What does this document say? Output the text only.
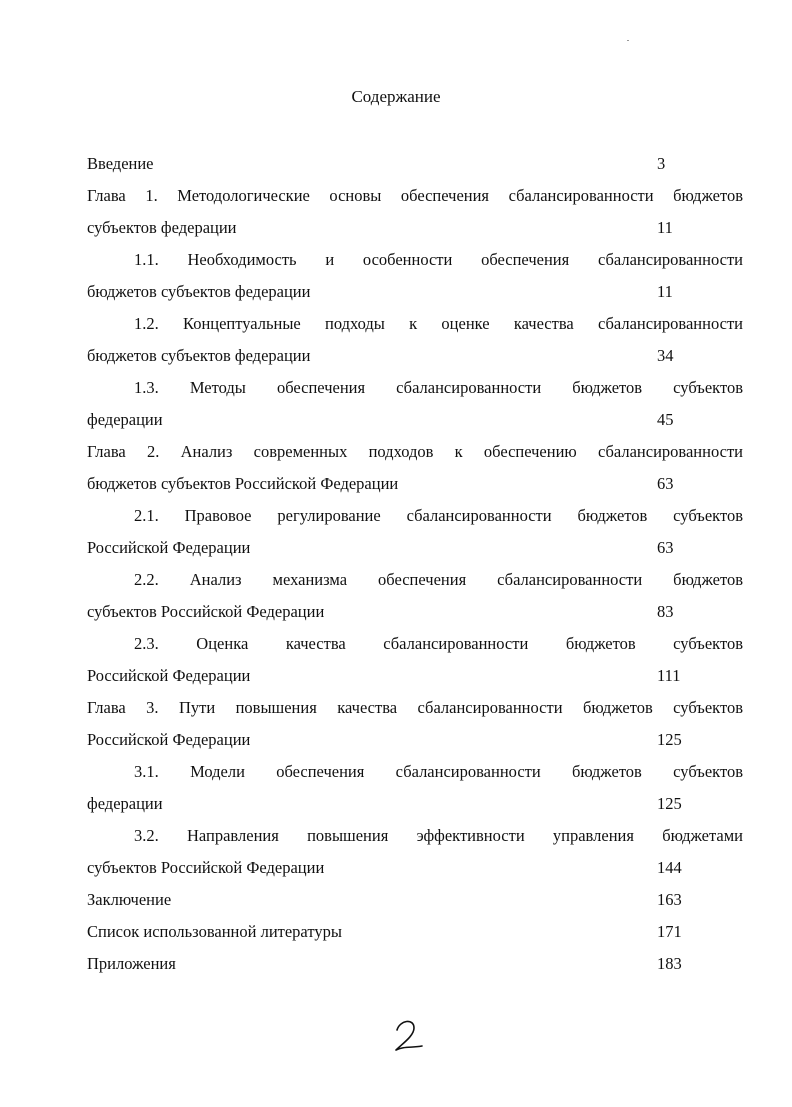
Содержание
Введение	3
Глава 1. Методологические основы обеспечения сбалансированности бюджетов
субъектов федерации	11
1.1. Необходимость и особенности обеспечения сбалансированности
бюджетов субъектов федерации	11
1.2. Концептуальные подходы к оценке качества сбалансированности
бюджетов субъектов федерации	34
1.3. Методы обеспечения сбалансированности бюджетов субъектов
федерации	45
Глава 2. Анализ современных подходов к обеспечению сбалансированности
бюджетов субъектов Российской Федерации	63
2.1. Правовое регулирование сбалансированности бюджетов субъектов
Российской Федерации	63
2.2. Анализ механизма обеспечения сбалансированности бюджетов
субъектов Российской Федерации	83
2.3. Оценка качества сбалансированности бюджетов субъектов
Российской Федерации	111
Глава 3. Пути повышения качества сбалансированности бюджетов субъектов
Российской Федерации	125
3.1. Модели обеспечения сбалансированности бюджетов субъектов
федерации	125
3.2. Направления повышения эффективности управления бюджетами
субъектов Российской Федерации	144
Заключение	163
Список использованной литературы	171
Приложения	183
